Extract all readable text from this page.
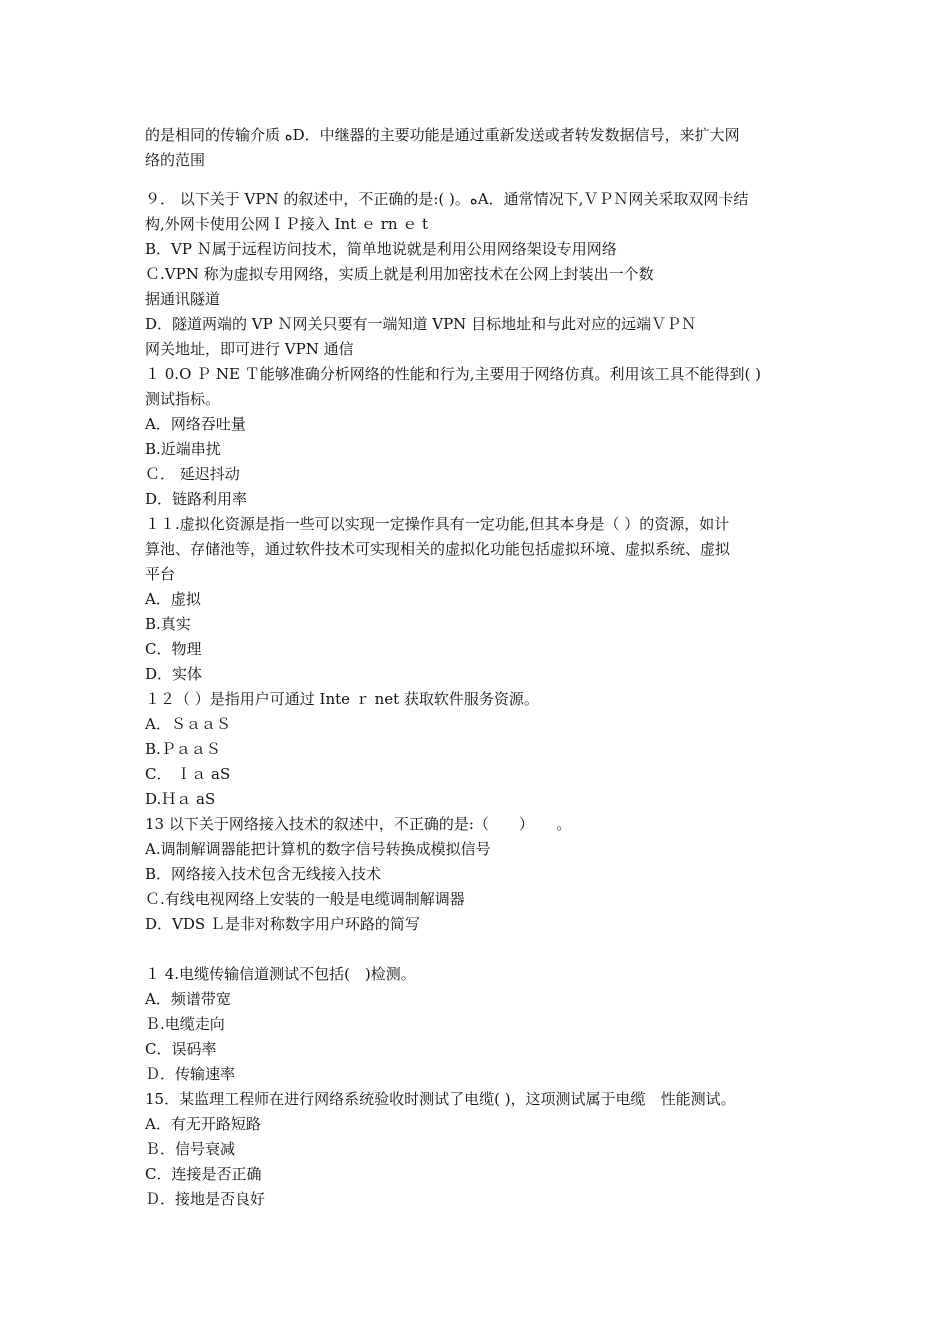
的是相同的传输介质 ﻩD．中继器的主要功能是通过重新发送或者转发数据信号，来扩大网
络的范围
９． 以下关于 VPN 的叙述中，不正确的是:( )。ﻩA．通常情况下,ＶＰＮ网关采取双网卡结
构,外网卡使用公网ＩＰ接入 Int ｅ rn ｅ t
B．VP Ｎ属于远程访问技术，简单地说就是利用公用网络架设专用网络
Ｃ.VPN 称为虚拟专用网络，实质上就是利用加密技术在公网上封装出一个数
据通讯隧道
D．隧道两端的 VP Ｎ网关只要有一端知道 VPN 目标地址和与此对应的远端ＶＰＮ
网关地址，即可进行 VPN 通信
１ 0.O Ｐ NE Ｔ能够准确分析网络的性能和行为,主要用于网络仿真。利用该工具不能得到( )
测试指标。
A．网络吞吐量
B.近端串扰
Ｃ． 延迟抖动
D．链路利用率
１１.虚拟化资源是指一些可以实现一定操作具有一定功能,但其本身是（ ）的资源，如计
算池、存储池等，通过软件技术可实现相关的虚拟化功能包括虚拟环境、虚拟系统、虚拟
平台
A．虚拟
B.真实
C．物理
D．实体
１２（ ）是指用户可通过 Inte ｒ net 获取软件服务资源。
A．ＳａａＳ
B.ＰａａＳ
C． Ｉａ aS
D.Ｈａ aS
13 以下关于网络接入技术的叙述中，不正确的是:（　　）　　。
A.调制解调器能把计算机的数字信号转换成模拟信号
B．网络接入技术包含无线接入技术
Ｃ.有线电视网络上安装的一般是电缆调制解调器
D．VDS Ｌ是非对称数字用户环路的简写
１ 4.电缆传输信道测试不包括(　)检测。
A．频谱带宽
Ｂ.电缆走向
C．误码率
Ｄ．传输速率
15．某监理工程师在进行网络系统验收时测试了电缆( )，这项测试属于电缆　性能测试。
A．有无开路短路
Ｂ．信号衰减
C．连接是否正确
Ｄ．接地是否良好
